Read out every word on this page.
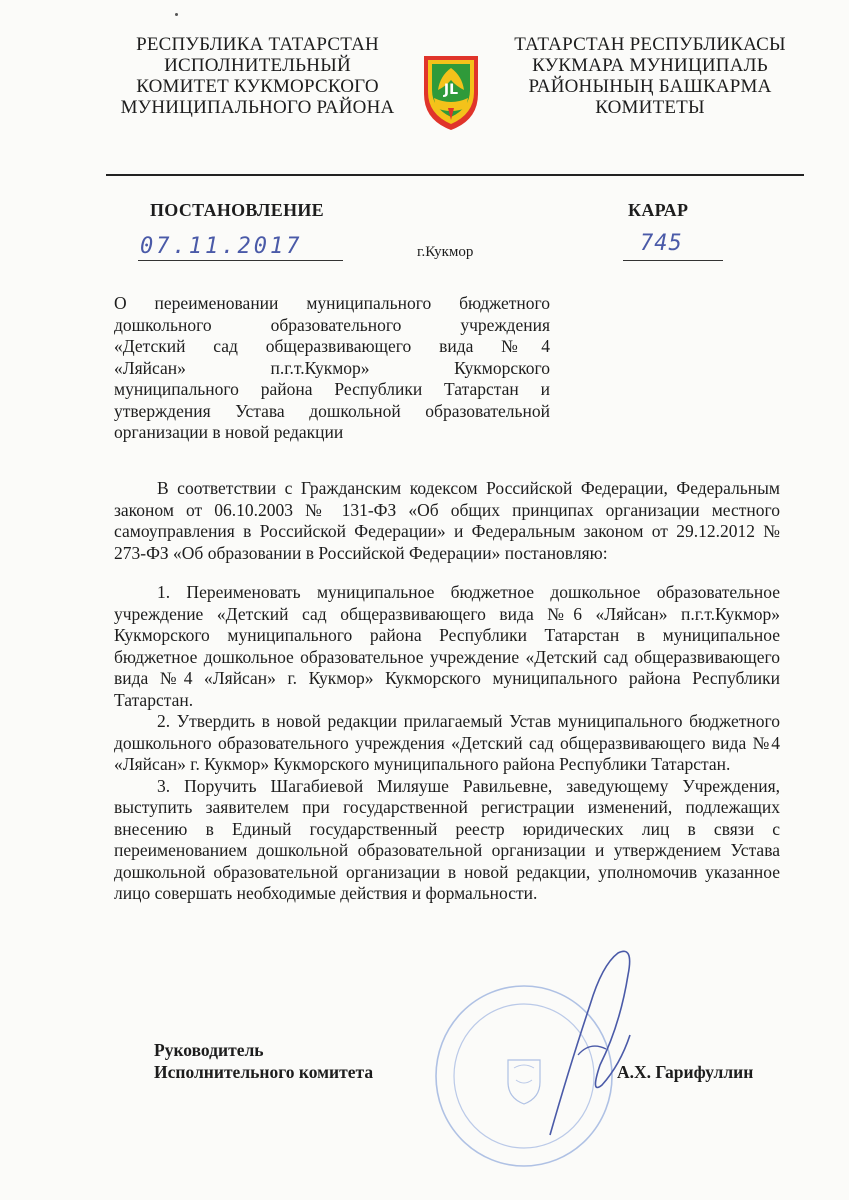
РЕСПУБЛИКА ТАТАРСТАН
ИСПОЛНИТЕЛЬНЫЙ
КОМИТЕТ КУКМОРСКОГО
МУНИЦИПАЛЬНОГО РАЙОНА
JL
ТАТАРСТАН РЕСПУБЛИКАСЫ
КУКМАРА МУНИЦИПАЛЬ
РАЙОНЫНЫҢ БАШКАРМА
КОМИТЕТЫ
ПОСТАНОВЛЕНИЕ	КАРАР
07.11.2017	г.Кукмор	745
О переименовании муниципального бюджетного
дошкольного образовательного учреждения
«Детский сад общеразвивающего вида №4
«Ляйсан» п.г.т.Кукмор» Кукморского
муниципального района Республики Татарстан и
утверждения Устава дошкольной образовательной
организации в новой редакции

В соответствии с Гражданским кодексом Российской Федерации, Федеральным законом от 06.10.2003 № 131-ФЗ «Об общих принципах организации местного самоуправления в Российской Федерации» и Федеральным законом от 29.12.2012 № 273-ФЗ «Об образовании в Российской Федерации» постановляю:

1. Переименовать муниципальное бюджетное дошкольное образовательное учреждение «Детский сад общеразвивающего вида №6 «Ляйсан» п.г.т.Кукмор» Кукморского муниципального района Республики Татарстан в муниципальное бюджетное дошкольное образовательное учреждение «Детский сад общеразвивающего вида №4 «Ляйсан» г. Кукмор» Кукморского муниципального района Республики Татарстан.

2. Утвердить в новой редакции прилагаемый Устав муниципального бюджетного дошкольного образовательного учреждения «Детский сад общеразвивающего вида №4 «Ляйсан» г. Кукмор» Кукморского муниципального района Республики Татарстан.

3. Поручить Шагабиевой Миляуше Равильевне, заведующему Учреждения, выступить заявителем при государственной регистрации изменений, подлежащих внесению в Единый государственный реестр юридических лиц в связи с переименованием дошкольной образовательной организации и утверждением Устава дошкольной образовательной организации в новой редакции, уполномочив указанное лицо совершать необходимые действия и формальности.

Руководитель
Исполнительного комитета	А.Х. Гарифуллин
